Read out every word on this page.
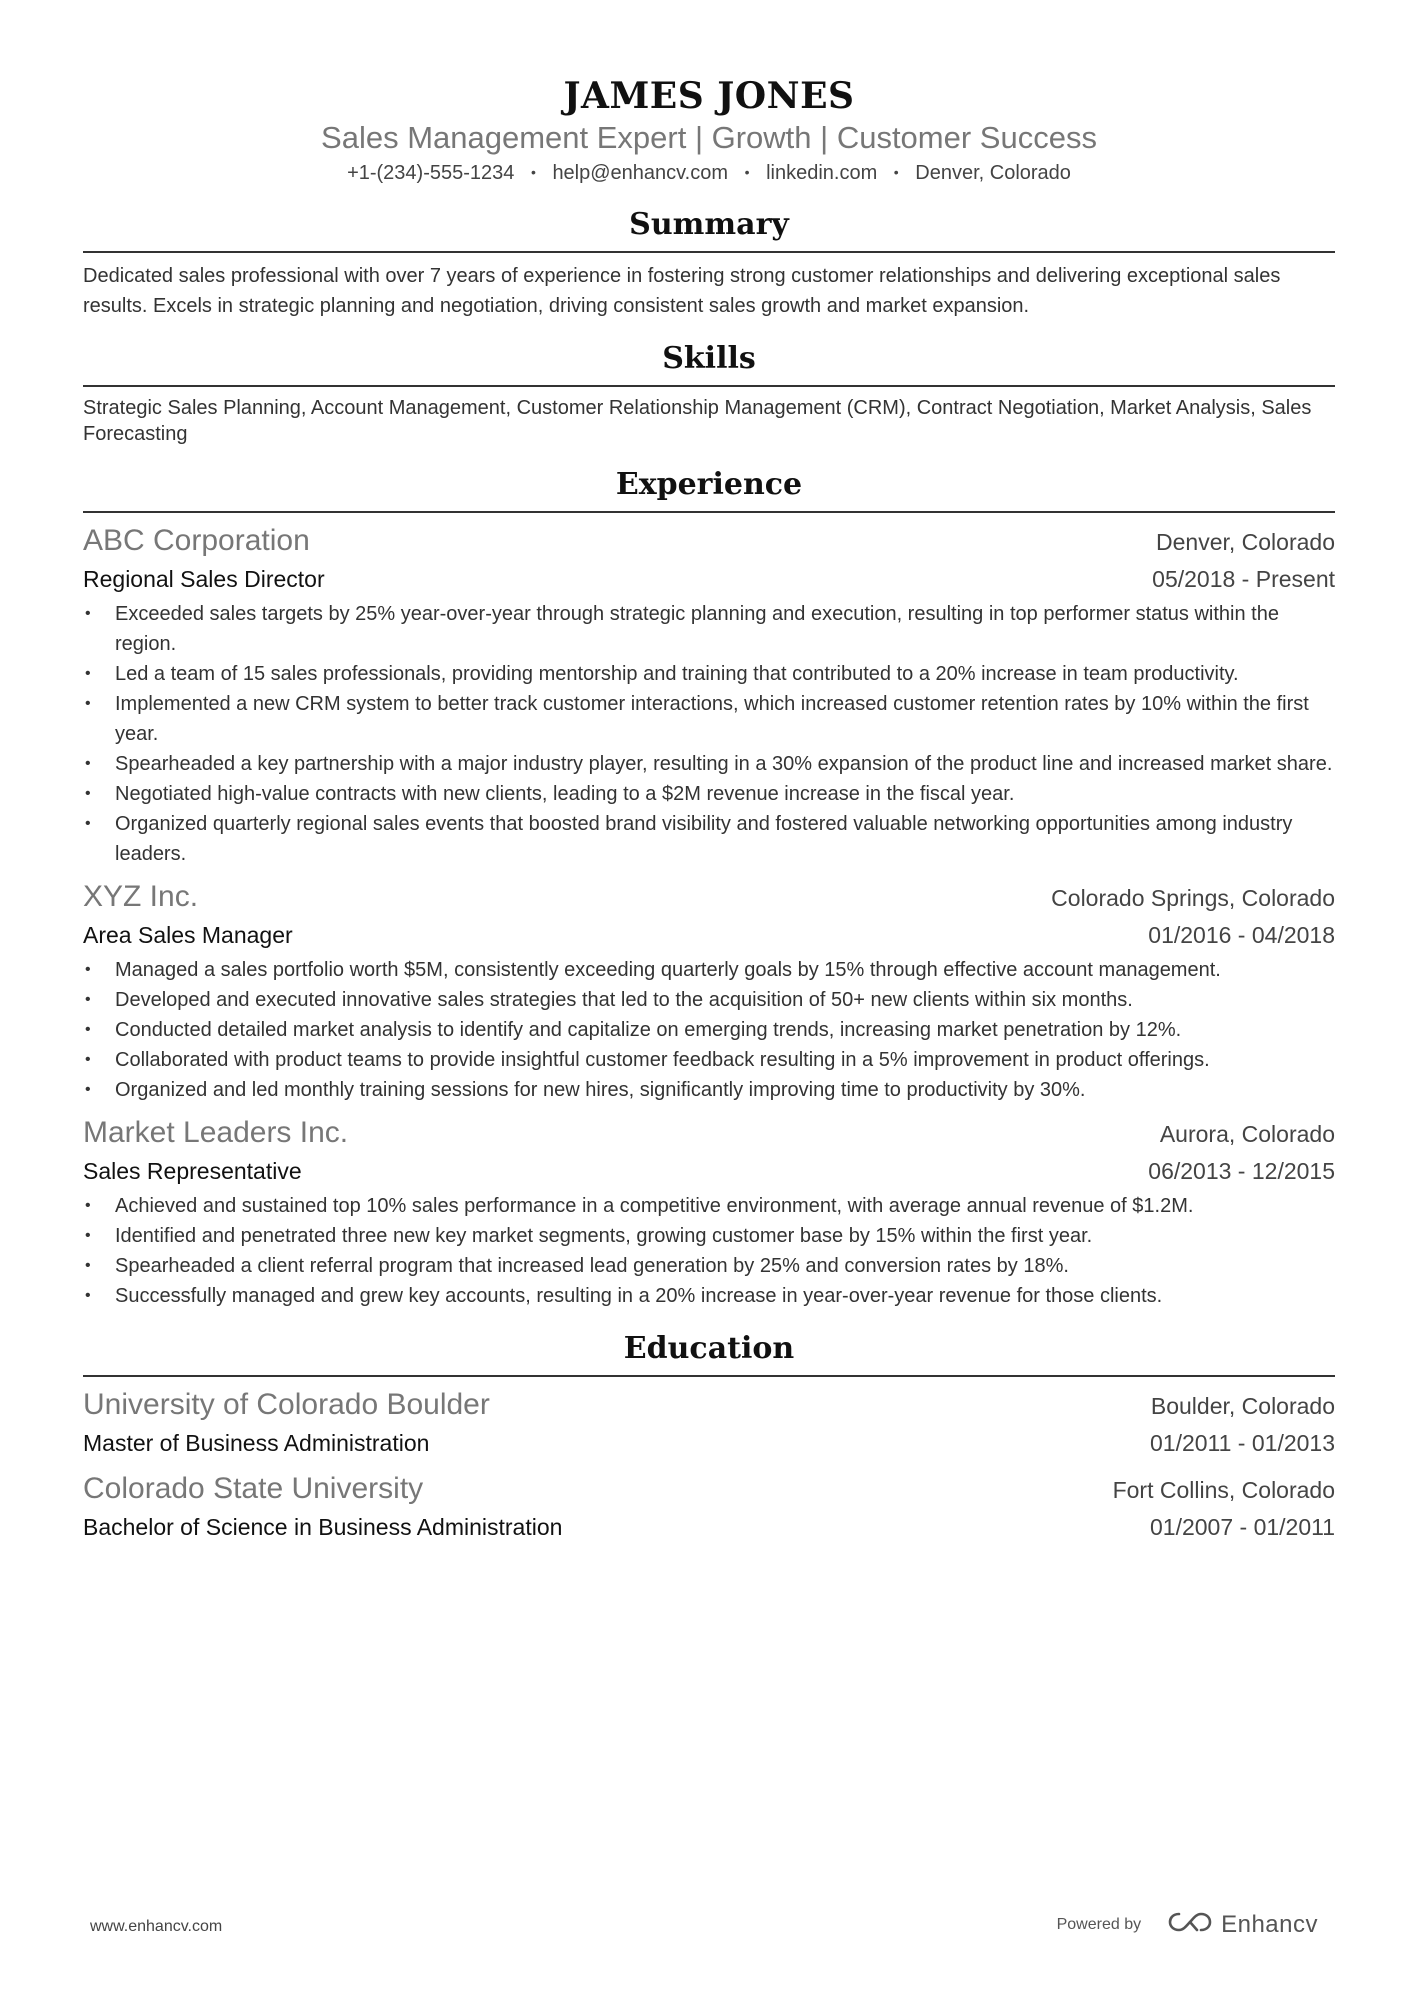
JAMES JONES
Sales Management Expert | Growth | Customer Success
+1-(234)-555-1234 • help@enhancv.com • linkedin.com • Denver, Colorado
Summary
Dedicated sales professional with over 7 years of experience in fostering strong customer relationships and delivering exceptional sales results. Excels in strategic planning and negotiation, driving consistent sales growth and market expansion.
Skills
Strategic Sales Planning, Account Management, Customer Relationship Management (CRM), Contract Negotiation, Market Analysis, Sales Forecasting
Experience
ABC Corporation	Denver, Colorado
Regional Sales Director	05/2018 - Present
• Exceeded sales targets by 25% year-over-year through strategic planning and execution, resulting in top performer status within the region.
• Led a team of 15 sales professionals, providing mentorship and training that contributed to a 20% increase in team productivity.
• Implemented a new CRM system to better track customer interactions, which increased customer retention rates by 10% within the first year.
• Spearheaded a key partnership with a major industry player, resulting in a 30% expansion of the product line and increased market share.
• Negotiated high-value contracts with new clients, leading to a $2M revenue increase in the fiscal year.
• Organized quarterly regional sales events that boosted brand visibility and fostered valuable networking opportunities among industry leaders.
XYZ Inc.	Colorado Springs, Colorado
Area Sales Manager	01/2016 - 04/2018
• Managed a sales portfolio worth $5M, consistently exceeding quarterly goals by 15% through effective account management.
• Developed and executed innovative sales strategies that led to the acquisition of 50+ new clients within six months.
• Conducted detailed market analysis to identify and capitalize on emerging trends, increasing market penetration by 12%.
• Collaborated with product teams to provide insightful customer feedback resulting in a 5% improvement in product offerings.
• Organized and led monthly training sessions for new hires, significantly improving time to productivity by 30%.
Market Leaders Inc.	Aurora, Colorado
Sales Representative	06/2013 - 12/2015
• Achieved and sustained top 10% sales performance in a competitive environment, with average annual revenue of $1.2M.
• Identified and penetrated three new key market segments, growing customer base by 15% within the first year.
• Spearheaded a client referral program that increased lead generation by 25% and conversion rates by 18%.
• Successfully managed and grew key accounts, resulting in a 20% increase in year-over-year revenue for those clients.
Education
University of Colorado Boulder	Boulder, Colorado
Master of Business Administration	01/2011 - 01/2013
Colorado State University	Fort Collins, Colorado
Bachelor of Science in Business Administration	01/2007 - 01/2011
www.enhancv.com	Powered by	Enhancv
